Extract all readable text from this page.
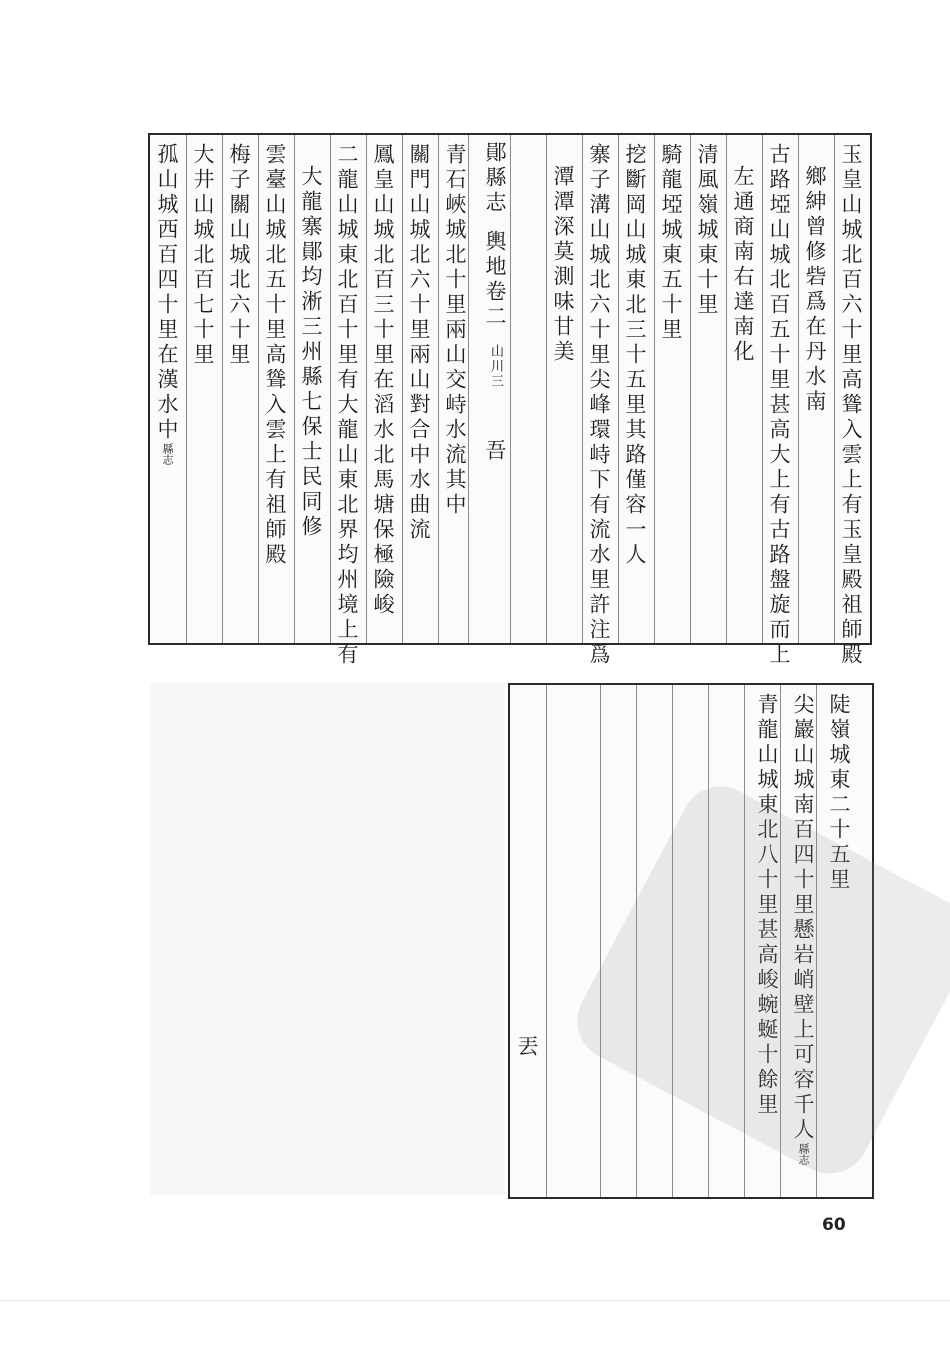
玉皇山城北百六十里高聳入雲上有玉皇殿祖師殿
鄉紳曾修砦爲在丹水南
古路埡山城北百五十里甚高大上有古路盤旋而上
左通商南右達南化
清風嶺城東十里
騎龍埡城東五十里
挖斷岡山城東北三十五里其路僅容一人
寨子溝山城北六十里尖峰環峙下有流水里許注爲
潭潭深莫測味甘美
鄖縣志輿地卷二山川三吾
青石峽城北十里兩山交峙水流其中
關門山城北六十里兩山對合中水曲流
鳳皇山城北百三十里在滔水北馬塘保極險峻
二龍山城東北百十里有大龍山東北界均州境上有
大龍寨鄖均淅三州縣七保士民同修
雲臺山城北五十里高聳入雲上有祖師殿
梅子關山城北六十里
大井山城北百七十里
孤山城西百四十里在漢水中縣志
陡嶺城東二十五里
尖巖山城南百四十里懸岩峭壁上可容千人縣志
青龍山城東北八十里甚高峻蜿蜒十餘里
丟
60
